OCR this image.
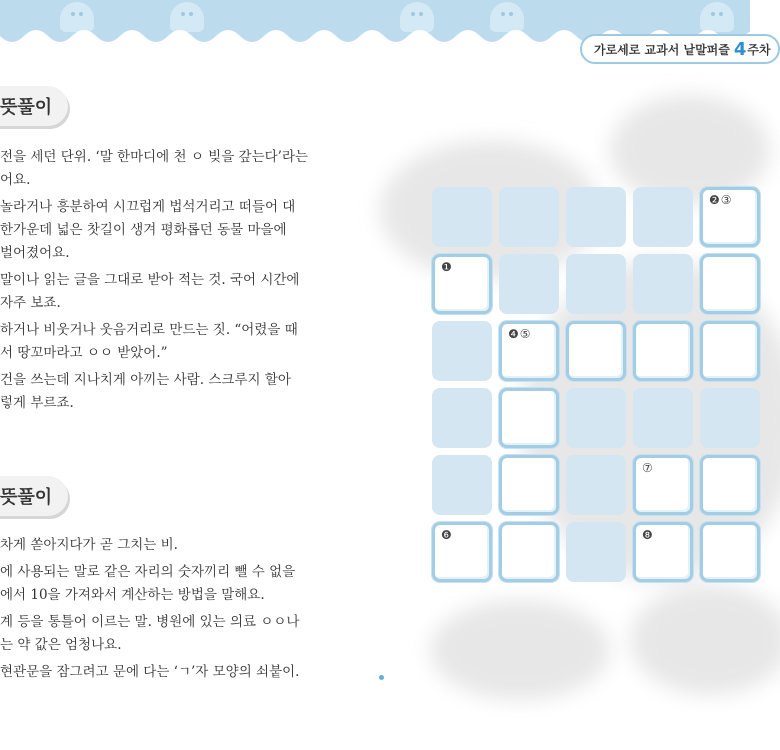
가로세로 교과서 낱말퍼즐 4 주차
뜻풀이
전을 세던 단위. ‘말 한마디에 천 ㅇ 빚을 갚는다’라는
어요.
놀라거나 흥분하여 시끄럽게 법석거리고 떠들어 대
한가운데 넓은 찻길이 생겨 평화롭던 동물 마을에
벌어졌어요.
말이나 읽는 글을 그대로 받아 적는 것. 국어 시간에
자주 보죠.
하거나 비웃거나 웃음거리로 만드는 짓. “어렸을 때
서 땅꼬마라고 ㅇㅇ 받았어.”
건을 쓰는데 지나치게 아끼는 사람. 스크루지 할아
렇게 부르죠.
뜻풀이
차게 쏟아지다가 곧 그치는 비.
에 사용되는 말로 같은 자리의 숫자끼리 뺄 수 없을
에서 10을 가져와서 계산하는 방법을 말해요.
계 등을 통틀어 이르는 말. 병원에 있는 의료 ㅇㅇ나
는 약 값은 엄청나요.
현관문을 잠그려고 문에 다는 ‘ㄱ’자 모양의 쇠붙이.
❷③
❶
❹⑤
⑦
❻	❽
